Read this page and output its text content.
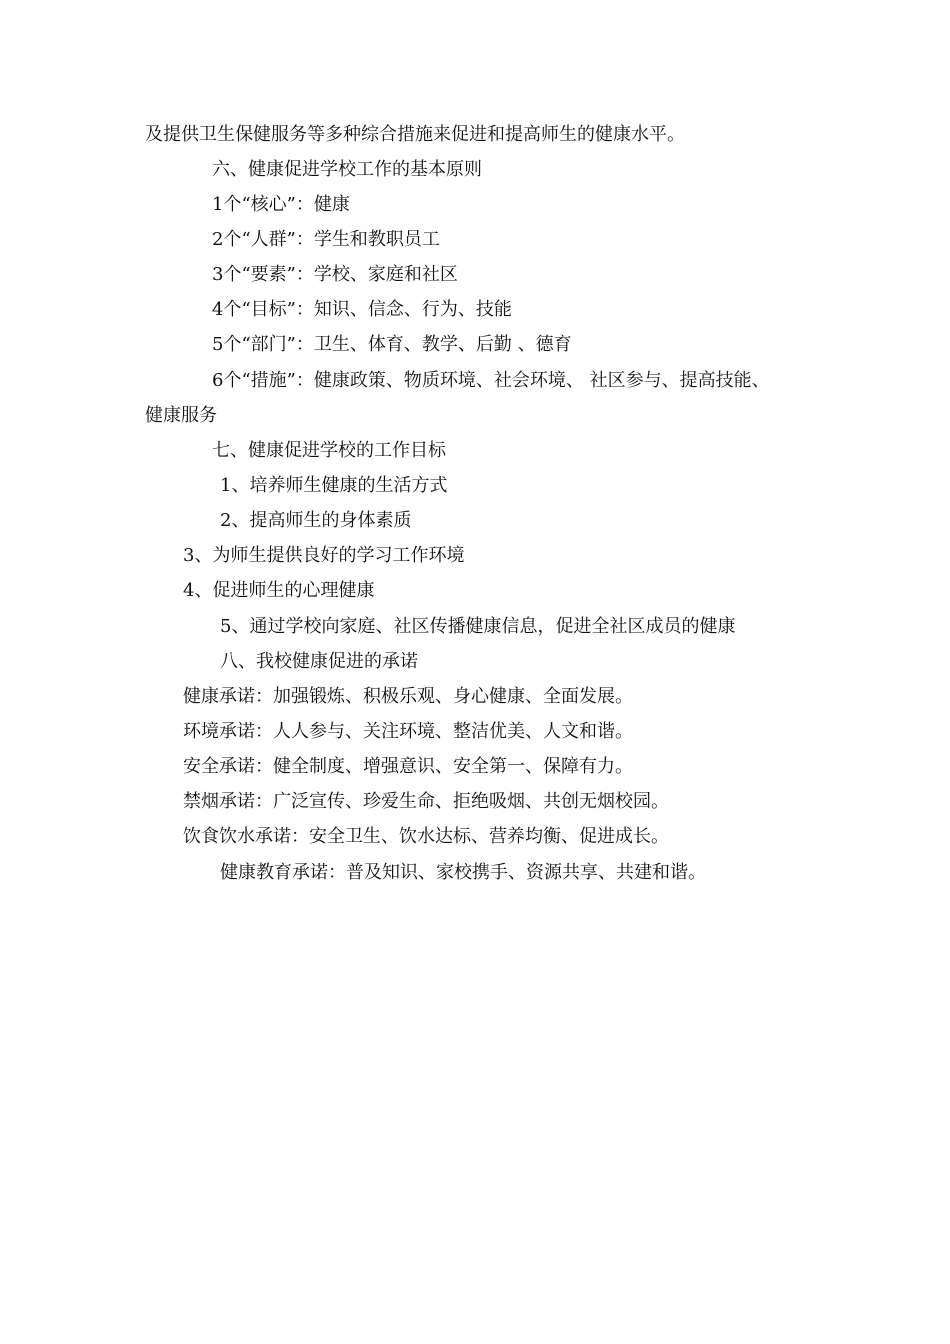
及提供卫生保健服务等多种综合措施来促进和提高师生的健康水平。
六、健康促进学校工作的基本原则
1个“核心”：健康
2个“人群”：学生和教职员工
3个“要素”：学校、家庭和社区
4个“目标”：知识、信念、行为、技能
5个“部门”：卫生、体育、教学、后勤 、德育
6个“措施”：健康政策、物质环境、社会环境、 社区参与、提高技能、
健康服务
七、健康促进学校的工作目标
1、培养师生健康的生活方式
2、提高师生的身体素质
3、为师生提供良好的学习工作环境
4、促进师生的心理健康
5、通过学校向家庭、社区传播健康信息，促进全社区成员的健康
八、我校健康促进的承诺
健康承诺：加强锻炼、积极乐观、身心健康、全面发展。
环境承诺：人人参与、关注环境、整洁优美、人文和谐。
安全承诺：健全制度、增强意识、安全第一、保障有力。
禁烟承诺：广泛宣传、珍爱生命、拒绝吸烟、共创无烟校园。
饮食饮水承诺：安全卫生、饮水达标、营养均衡、促进成长。
健康教育承诺：普及知识、家校携手、资源共享、共建和谐。
